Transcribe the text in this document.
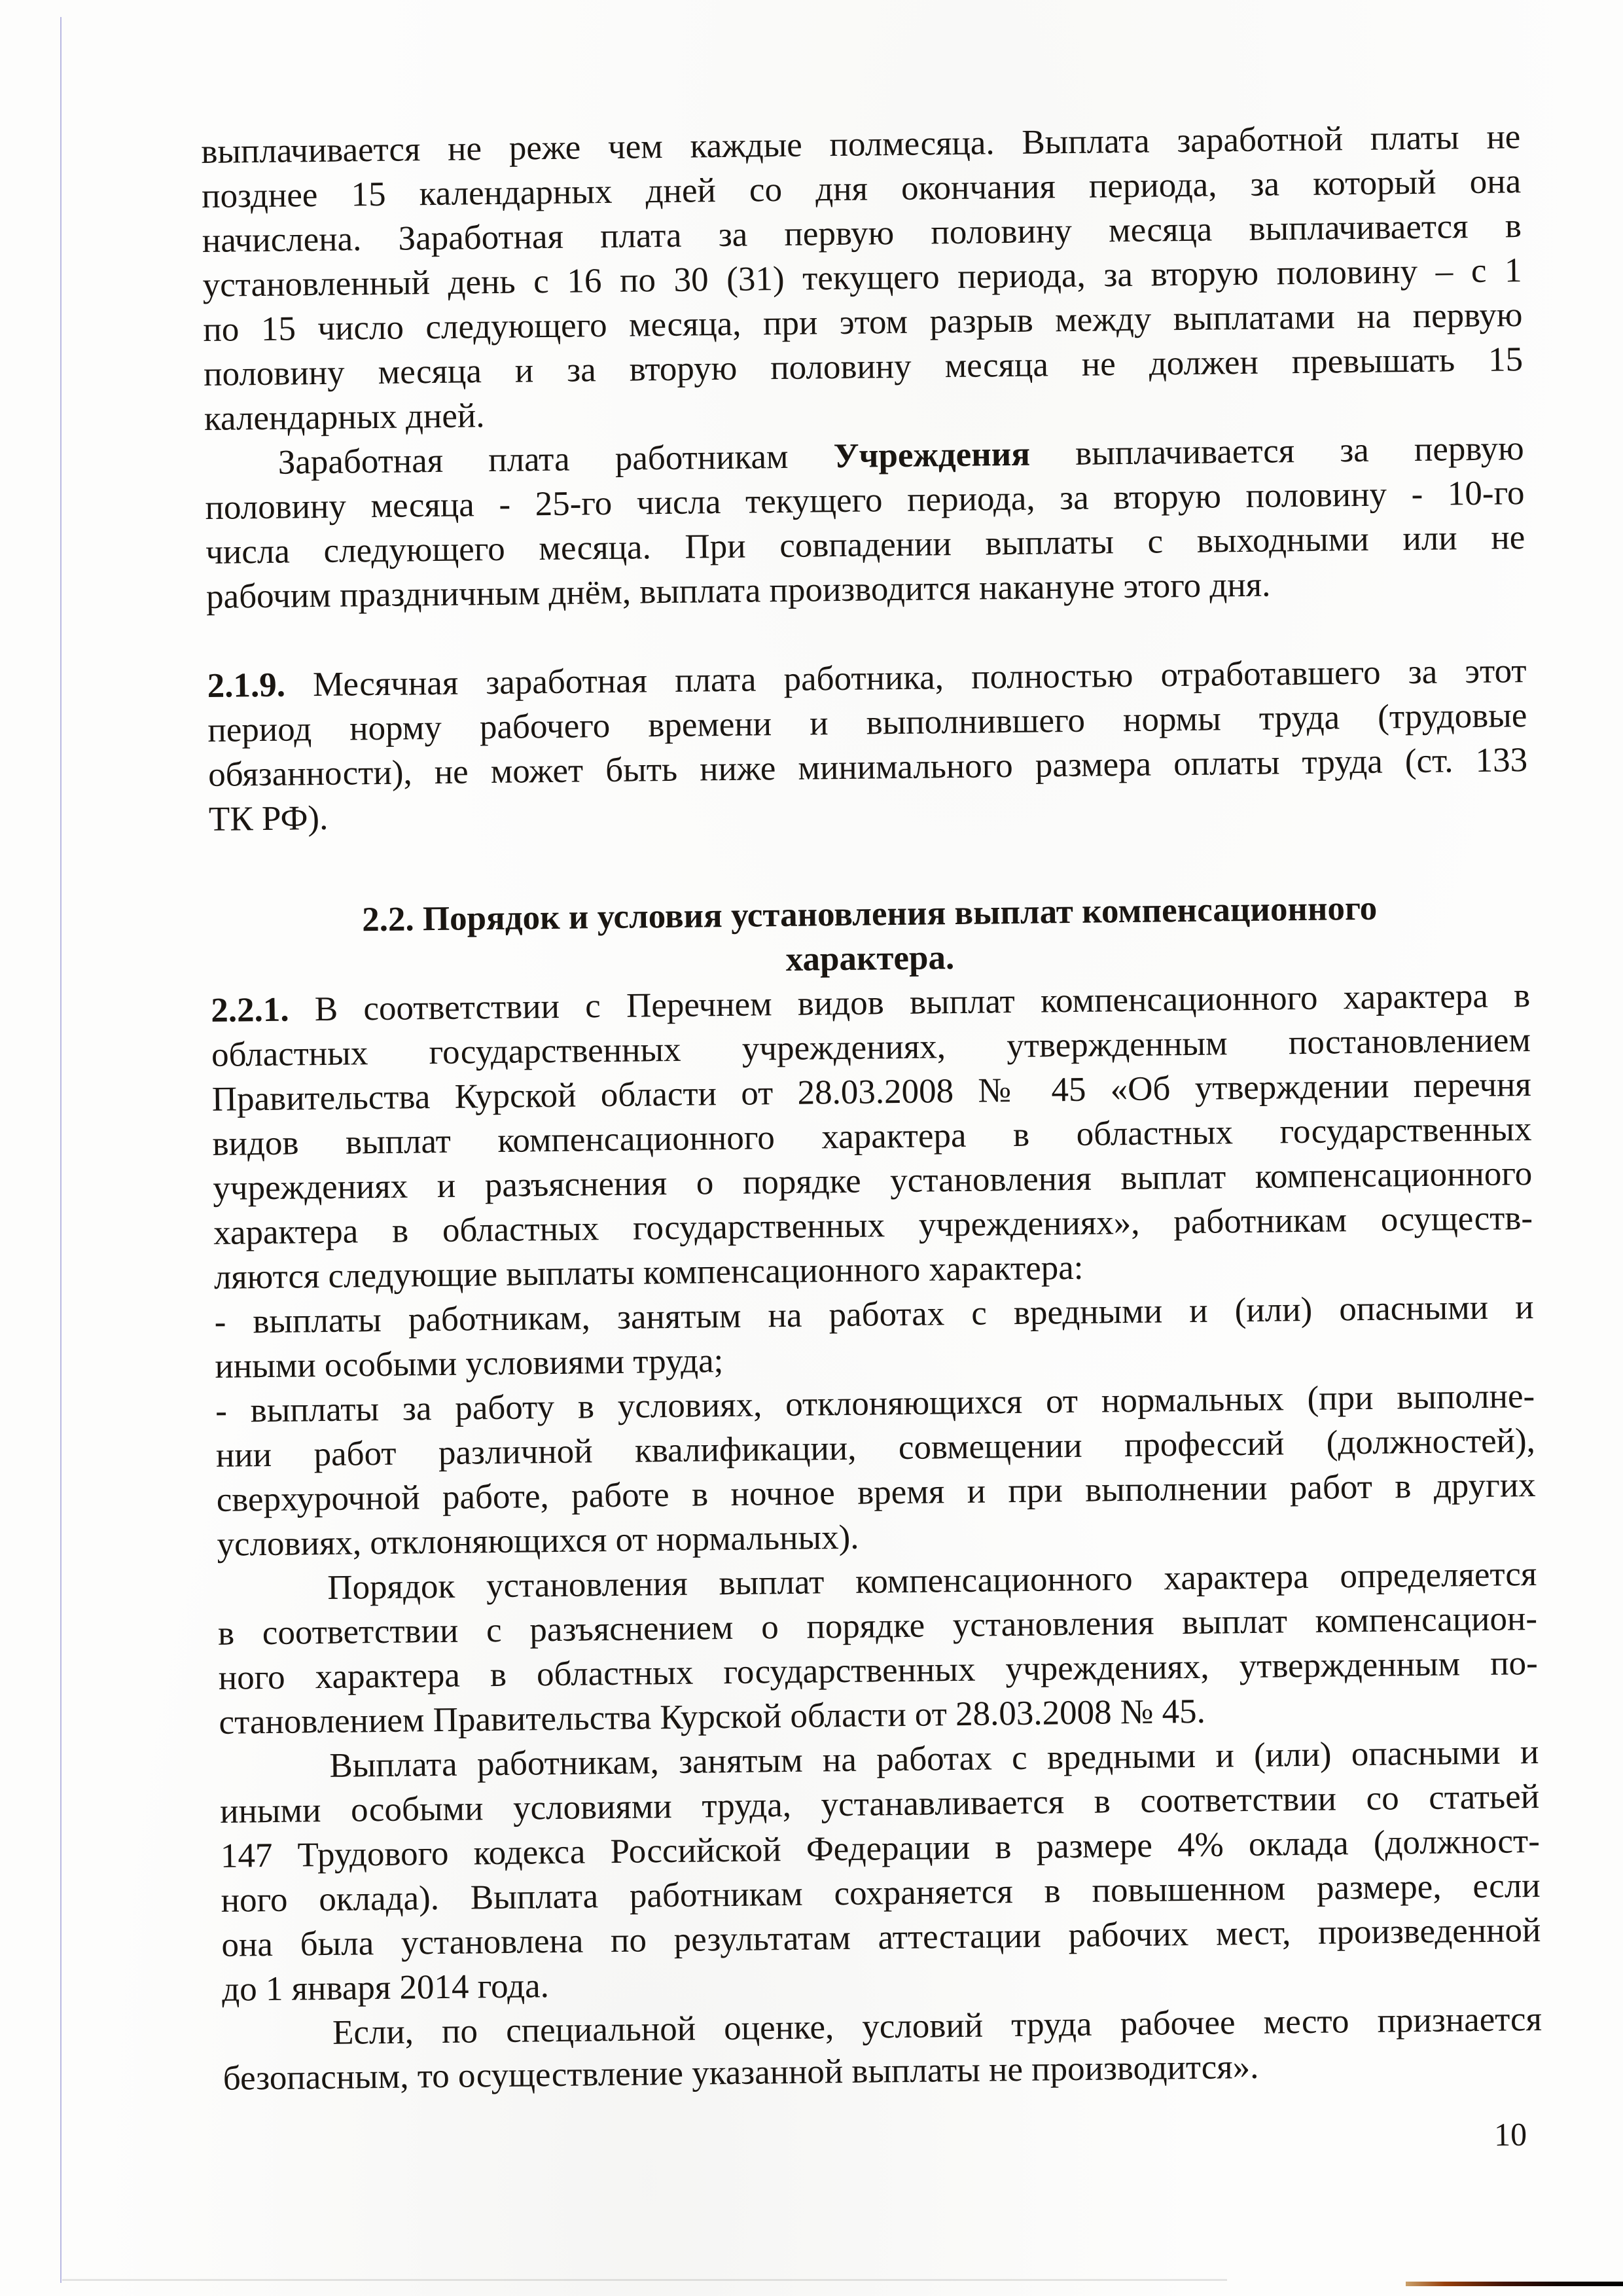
выплачивается не реже чем каждые полмесяца. Выплата заработной платы не
позднее 15 календарных дней со дня окончания периода, за который она
начислена. Заработная плата за первую половину месяца выплачивается в
установленный день с 16 по 30 (31) текущего периода, за вторую половину – с 1
по 15 число следующего месяца, при этом разрыв между выплатами на первую
половину месяца и за вторую половину месяца не должен превышать 15
календарных дней.
Заработная плата работникам Учреждения выплачивается за первую
половину месяца - 25-го числа текущего периода, за вторую половину - 10-го
числа следующего месяца. При совпадении выплаты с выходными или не
рабочим праздничным днём, выплата производится накануне этого дня.
2.1.9. Месячная заработная плата работника, полностью отработавшего за этот
период норму рабочего времени и выполнившего нормы труда (трудовые
обязанности), не может быть ниже минимального размера оплаты труда (ст. 133
ТК РФ).
2.2. Порядок и условия установления выплат компенсационного
характера.
2.2.1. В соответствии с Перечнем видов выплат компенсационного характера в
областных государственных учреждениях, утвержденным постановлением
Правительства Курской области от 28.03.2008 № 45 «Об утверждении перечня
видов выплат компенсационного характера в областных государственных
учреждениях и разъяснения о порядке установления выплат компенсационного
характера в областных государственных учреждениях», работникам осуществ-
ляются следующие выплаты компенсационного характера:
- выплаты работникам, занятым на работах с вредными и (или) опасными и
иными особыми условиями труда;
- выплаты за работу в условиях, отклоняющихся от нормальных (при выполне-
нии работ различной квалификации, совмещении профессий (должностей),
сверхурочной работе, работе в ночное время и при выполнении работ в других
условиях, отклоняющихся от нормальных).
Порядок установления выплат компенсационного характера определяется
в соответствии с разъяснением о порядке установления выплат компенсацион-
ного характера в областных государственных учреждениях, утвержденным по-
становлением Правительства Курской области от 28.03.2008 № 45.
Выплата работникам, занятым на работах с вредными и (или) опасными и
иными особыми условиями труда, устанавливается в соответствии со статьей
147 Трудового кодекса Российской Федерации в размере 4% оклада (должност-
ного оклада). Выплата работникам сохраняется в повышенном размере, если
она была установлена по результатам аттестации рабочих мест, произведенной
до 1 января 2014 года.
Если, по специальной оценке, условий труда рабочее место признается
безопасным, то осуществление указанной выплаты не производится».
10
